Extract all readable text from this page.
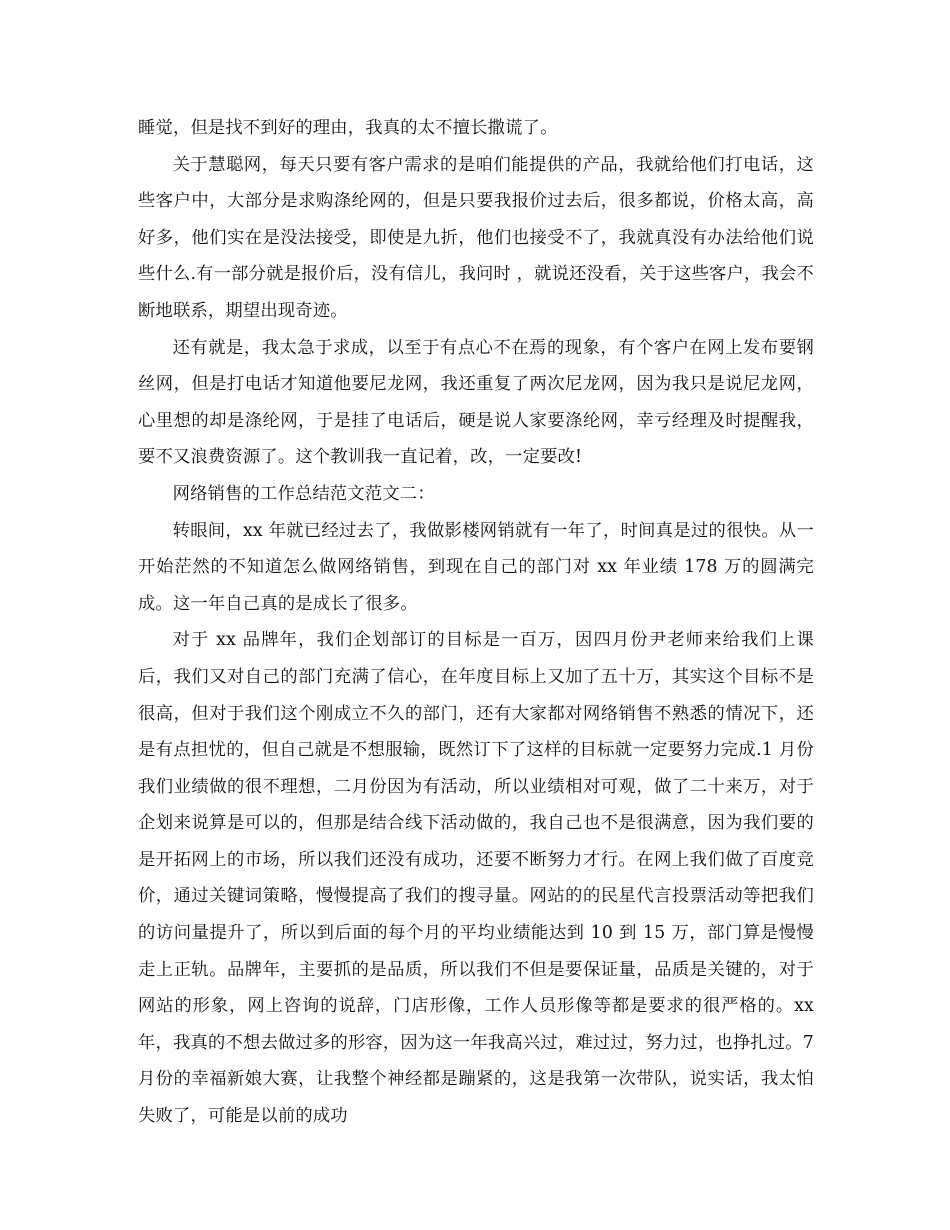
睡觉，但是找不到好的理由，我真的太不擅长撒谎了。

关于慧聪网，每天只要有客户需求的是咱们能提供的产品，我就给他们打电话，这些客户中，大部分是求购涤纶网的，但是只要我报价过去后，很多都说，价格太高，高好多，他们实在是没法接受，即使是九折，他们也接受不了，我就真没有办法给他们说些什么.有一部分就是报价后，没有信儿，我问时 ，就说还没看，关于这些客户，我会不断地联系，期望出现奇迹。

还有就是，我太急于求成，以至于有点心不在焉的现象，有个客户在网上发布要钢丝网，但是打电话才知道他要尼龙网，我还重复了两次尼龙网，因为我只是说尼龙网，心里想的却是涤纶网，于是挂了电话后，硬是说人家要涤纶网，幸亏经理及时提醒我，要不又浪费资源了。这个教训我一直记着，改，一定要改!

网络销售的工作总结范文范文二：

转眼间，xx 年就已经过去了，我做影楼网销就有一年了，时间真是过的很快。从一开始茫然的不知道怎么做网络销售，到现在自己的部门对 xx 年业绩 178 万的圆满完成。这一年自己真的是成长了很多。

对于 xx 品牌年，我们企划部订的目标是一百万，因四月份尹老师来给我们上课后，我们又对自己的部门充满了信心，在年度目标上又加了五十万，其实这个目标不是很高，但对于我们这个刚成立不久的部门，还有大家都对网络销售不熟悉的情况下，还是有点担忧的，但自己就是不想服输，既然订下了这样的目标就一定要努力完成.1 月份我们业绩做的很不理想，二月份因为有活动，所以业绩相对可观，做了二十来万，对于企划来说算是可以的，但那是结合线下活动做的，我自己也不是很满意，因为我们要的是开拓网上的市场，所以我们还没有成功，还要不断努力才行。在网上我们做了百度竞价，通过关键词策略，慢慢提高了我们的搜寻量。网站的的民星代言投票活动等把我们的访问量提升了，所以到后面的每个月的平均业绩能达到 10 到 15 万，部门算是慢慢走上正轨。品牌年，主要抓的是品质，所以我们不但是要保证量，品质是关键的，对于网站的形象，网上咨询的说辞，门店形像，工作人员形像等都是要求的很严格的。xx 年，我真的不想去做过多的形容，因为这一年我高兴过，难过过，努力过，也挣扎过。7 月份的幸福新娘大赛，让我整个神经都是蹦紧的，这是我第一次带队，说实话，我太怕失败了，可能是以前的成功
